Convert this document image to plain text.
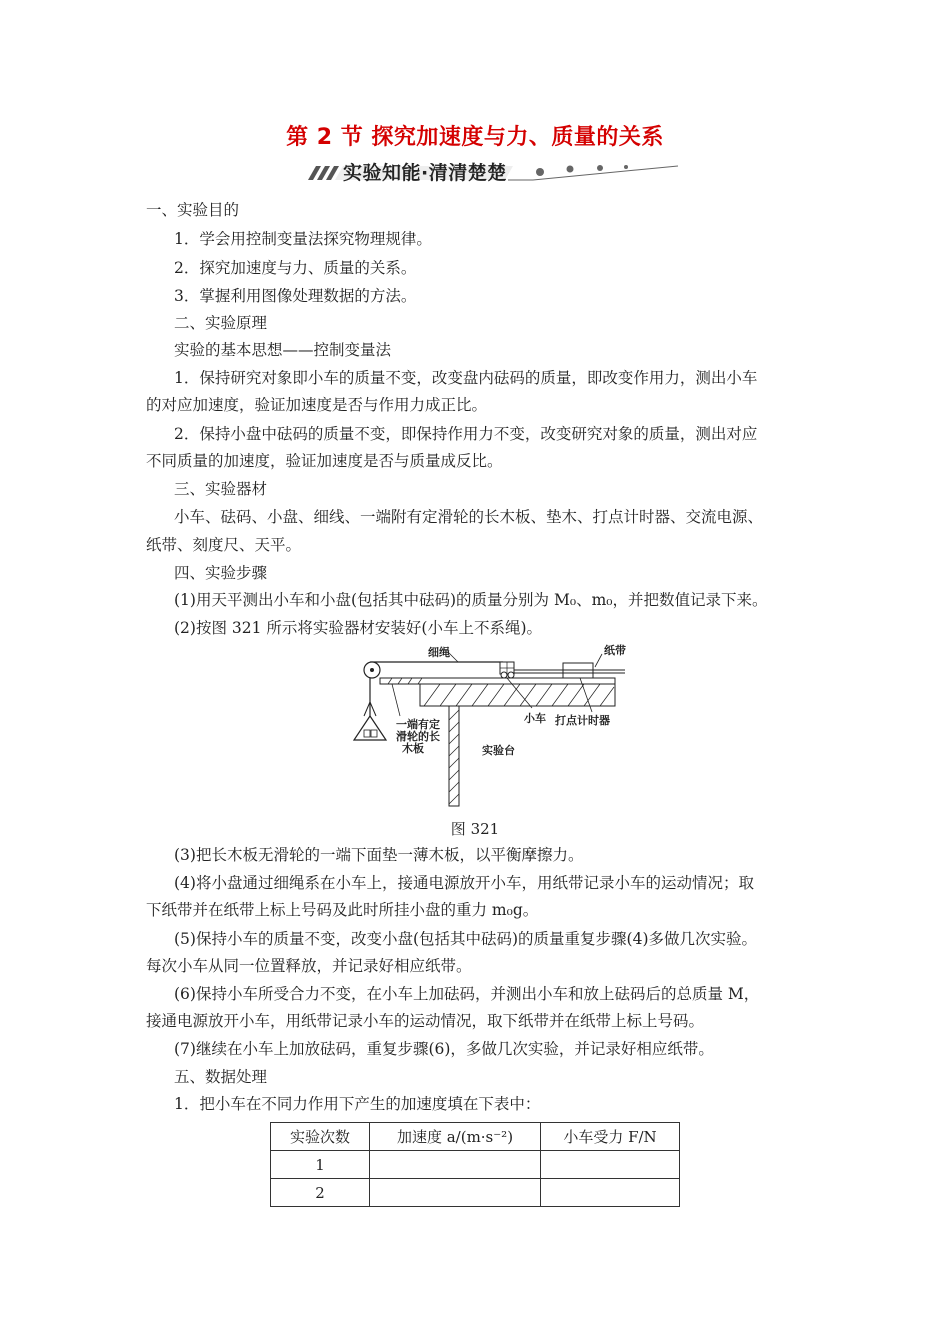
第 2 节 探究加速度与力、质量的关系
实验知能·清清楚楚
一、实验目的
1．学会用控制变量法探究物理规律。
2．探究加速度与力、质量的关系。
3．掌握利用图像处理数据的方法。
二、实验原理
实验的基本思想——控制变量法
1．保持研究对象即小车的质量不变，改变盘内砝码的质量，即改变作用力，测出小车
的对应加速度，验证加速度是否与作用力成正比。
2．保持小盘中砝码的质量不变，即保持作用力不变，改变研究对象的质量，测出对应
不同质量的加速度，验证加速度是否与质量成反比。
三、实验器材
小车、砝码、小盘、细线、一端附有定滑轮的长木板、垫木、打点计时器、交流电源、
纸带、刻度尺、天平。
四、实验步骤
(1)用天平测出小车和小盘(包括其中砝码)的质量分别为 M₀、m₀，并把数值记录下来。
(2)按图 321 所示将实验器材安装好(小车上不系绳)。
细绳	纸带
小车 打点计时器
一端有定
滑轮的长
木板	实验台
图 321
(3)把长木板无滑轮的一端下面垫一薄木板，以平衡摩擦力。
(4)将小盘通过细绳系在小车上，接通电源放开小车，用纸带记录小车的运动情况；取
下纸带并在纸带上标上号码及此时所挂小盘的重力 m₀g。
(5)保持小车的质量不变，改变小盘(包括其中砝码)的质量重复步骤(4)多做几次实验。
每次小车从同一位置释放，并记录好相应纸带。
(6)保持小车所受合力不变，在小车上加砝码，并测出小车和放上砝码后的总质量 M，
接通电源放开小车，用纸带记录小车的运动情况，取下纸带并在纸带上标上号码。
(7)继续在小车上加放砝码，重复步骤(6)，多做几次实验，并记录好相应纸带。
五、数据处理
1．把小车在不同力作用下产生的加速度填在下表中：
实验次数	加速度 a/(m·s⁻²)	小车受力 F/N
1		
2		
